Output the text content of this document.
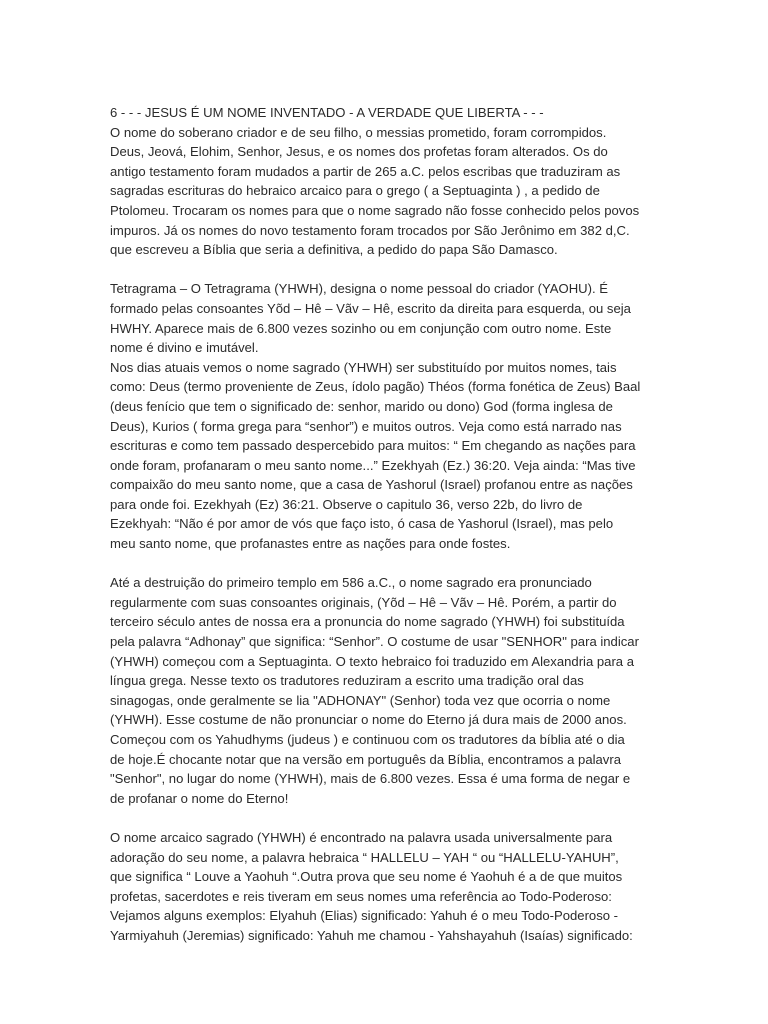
6 - - - JESUS É UM NOME INVENTADO - A VERDADE QUE LIBERTA - - -
O nome do soberano criador e de seu filho, o messias prometido, foram corrompidos.
Deus, Jeová, Elohim, Senhor, Jesus, e os nomes dos profetas foram alterados. Os do
antigo testamento foram mudados a partir de 265 a.C. pelos escribas que traduziram as
sagradas escrituras do hebraico arcaico para o grego ( a Septuaginta ) , a pedido de
Ptolomeu. Trocaram os nomes para que o nome sagrado não fosse conhecido pelos povos
impuros. Já os nomes do novo testamento foram trocados por São Jerônimo em 382 d,C.
que escreveu a Bíblia que seria a definitiva, a pedido do papa São Damasco.
Tetragrama – O Tetragrama (YHWH), designa o nome pessoal do criador (YAOHU). É
formado pelas consoantes Yõd – Hê – Vãv – Hê, escrito da direita para esquerda, ou seja
HWHY. Aparece mais de 6.800 vezes sozinho ou em conjunção com outro nome. Este
nome é divino e imutável.
Nos dias atuais vemos o nome sagrado (YHWH) ser substituído por muitos nomes, tais
como: Deus (termo proveniente de Zeus, ídolo pagão) Théos (forma fonética de Zeus) Baal
(deus fenício que tem o significado de: senhor, marido ou dono) God (forma inglesa de
Deus), Kurios ( forma grega para “senhor”) e muitos outros. Veja como está narrado nas
escrituras e como tem passado despercebido para muitos: “ Em chegando as nações para
onde foram, profanaram o meu santo nome...” Ezekhyah (Ez.) 36:20. Veja ainda: “Mas tive
compaixão do meu santo nome, que a casa de Yashorul (Israel) profanou entre as nações
para onde foi. Ezekhyah (Ez) 36:21. Observe o capitulo 36, verso 22b, do livro de
Ezekhyah: “Não é por amor de vós que faço isto, ó casa de Yashorul (Israel), mas pelo
meu santo nome, que profanastes entre as nações para onde fostes.
Até a destruição do primeiro templo em 586 a.C., o nome sagrado era pronunciado
regularmente com suas consoantes originais, (Yõd – Hê – Vãv – Hê. Porém, a partir do
terceiro século antes de nossa era a pronuncia do nome sagrado (YHWH) foi substituída
pela palavra “Adhonay” que significa: “Senhor”. O costume de usar "SENHOR" para indicar
(YHWH) começou com a Septuaginta. O texto hebraico foi traduzido em Alexandria para a
língua grega. Nesse texto os tradutores reduziram a escrito uma tradição oral das
sinagogas, onde geralmente se lia "ADHONAY" (Senhor) toda vez que ocorria o nome
(YHWH). Esse costume de não pronunciar o nome do Eterno já dura mais de 2000 anos.
Começou com os Yahudhyms (judeus ) e continuou com os tradutores da bíblia até o dia
de hoje.É chocante notar que na versão em português da Bíblia, encontramos a palavra
"Senhor", no lugar do nome (YHWH), mais de 6.800 vezes. Essa é uma forma de negar e
de profanar o nome do Eterno!
O nome arcaico sagrado (YHWH) é encontrado na palavra usada universalmente para
adoração do seu nome, a palavra hebraica “ HALLELU – YAH “ ou “HALLELU-YAHUH”,
que significa “ Louve a Yaohuh “.Outra prova que seu nome é Yaohuh é a de que muitos
profetas, sacerdotes e reis tiveram em seus nomes uma referência ao Todo-Poderoso:
Vejamos alguns exemplos: Elyahuh (Elias) significado: Yahuh é o meu Todo-Poderoso -
Yarmiyahuh (Jeremias) significado: Yahuh me chamou - Yahshayahuh (Isaías) significado:
